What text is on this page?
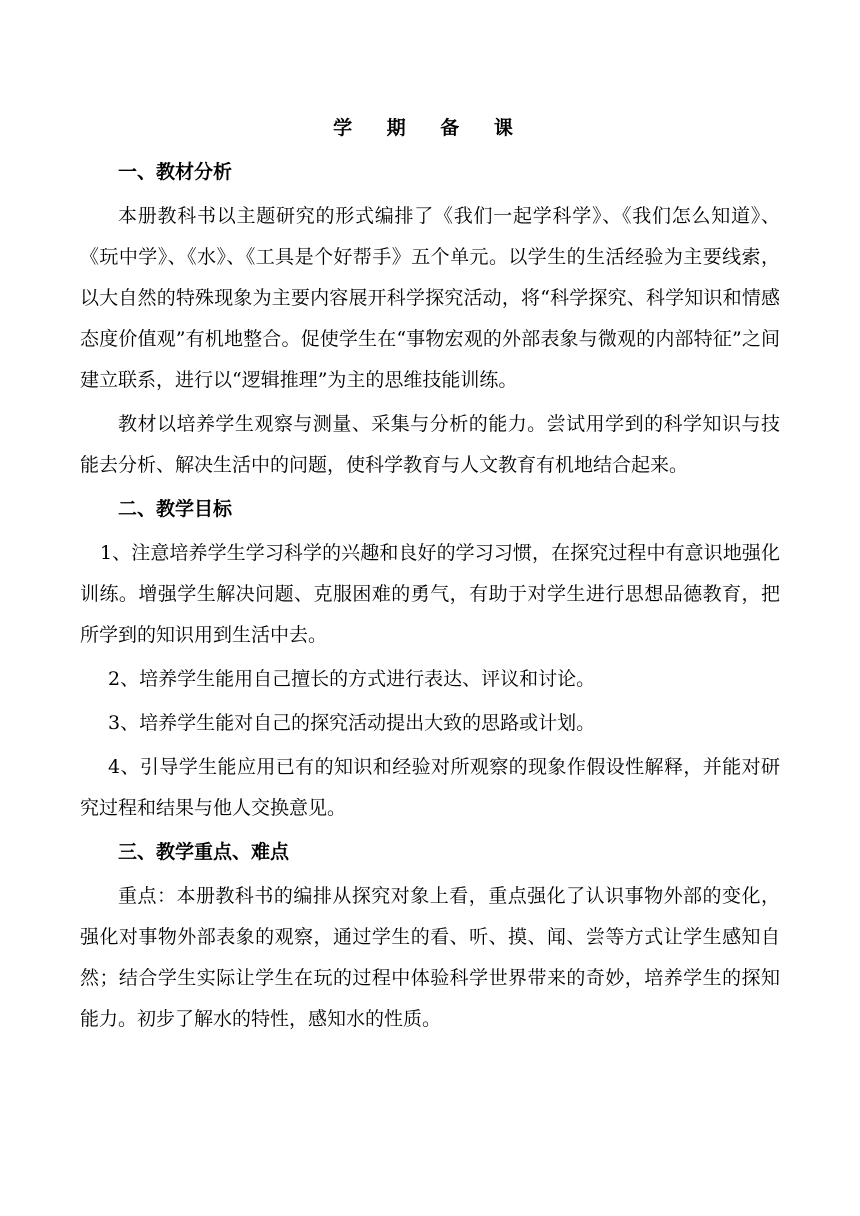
学 期 备 课
一、教材分析

本册教科书以主题研究的形式编排了《我们一起学科学》、《我们怎么知道》、《玩中学》、《水》、《工具是个好帮手》五个单元。以学生的生活经验为主要线索，以大自然的特殊现象为主要内容展开科学探究活动，将“科学探究、科学知识和情感态度价值观”有机地整合。促使学生在“事物宏观的外部表象与微观的内部特征”之间建立联系，进行以“逻辑推理”为主的思维技能训练。

教材以培养学生观察与测量、采集与分析的能力。尝试用学到的科学知识与技能去分析、解决生活中的问题，使科学教育与人文教育有机地结合起来。

二、教学目标

1、注意培养学生学习科学的兴趣和良好的学习习惯，在探究过程中有意识地强化训练。增强学生解决问题、克服困难的勇气，有助于对学生进行思想品德教育，把所学到的知识用到生活中去。

2、培养学生能用自己擅长的方式进行表达、评议和讨论。

3、培养学生能对自己的探究活动提出大致的思路或计划。

4、引导学生能应用已有的知识和经验对所观察的现象作假设性解释，并能对研究过程和结果与他人交换意见。

三、教学重点、难点

重点：本册教科书的编排从探究对象上看，重点强化了认识事物外部的变化，强化对事物外部表象的观察，通过学生的看、听、摸、闻、尝等方式让学生感知自然；结合学生实际让学生在玩的过程中体验科学世界带来的奇妙，培养学生的探知能力。初步了解水的特性，感知水的性质。
